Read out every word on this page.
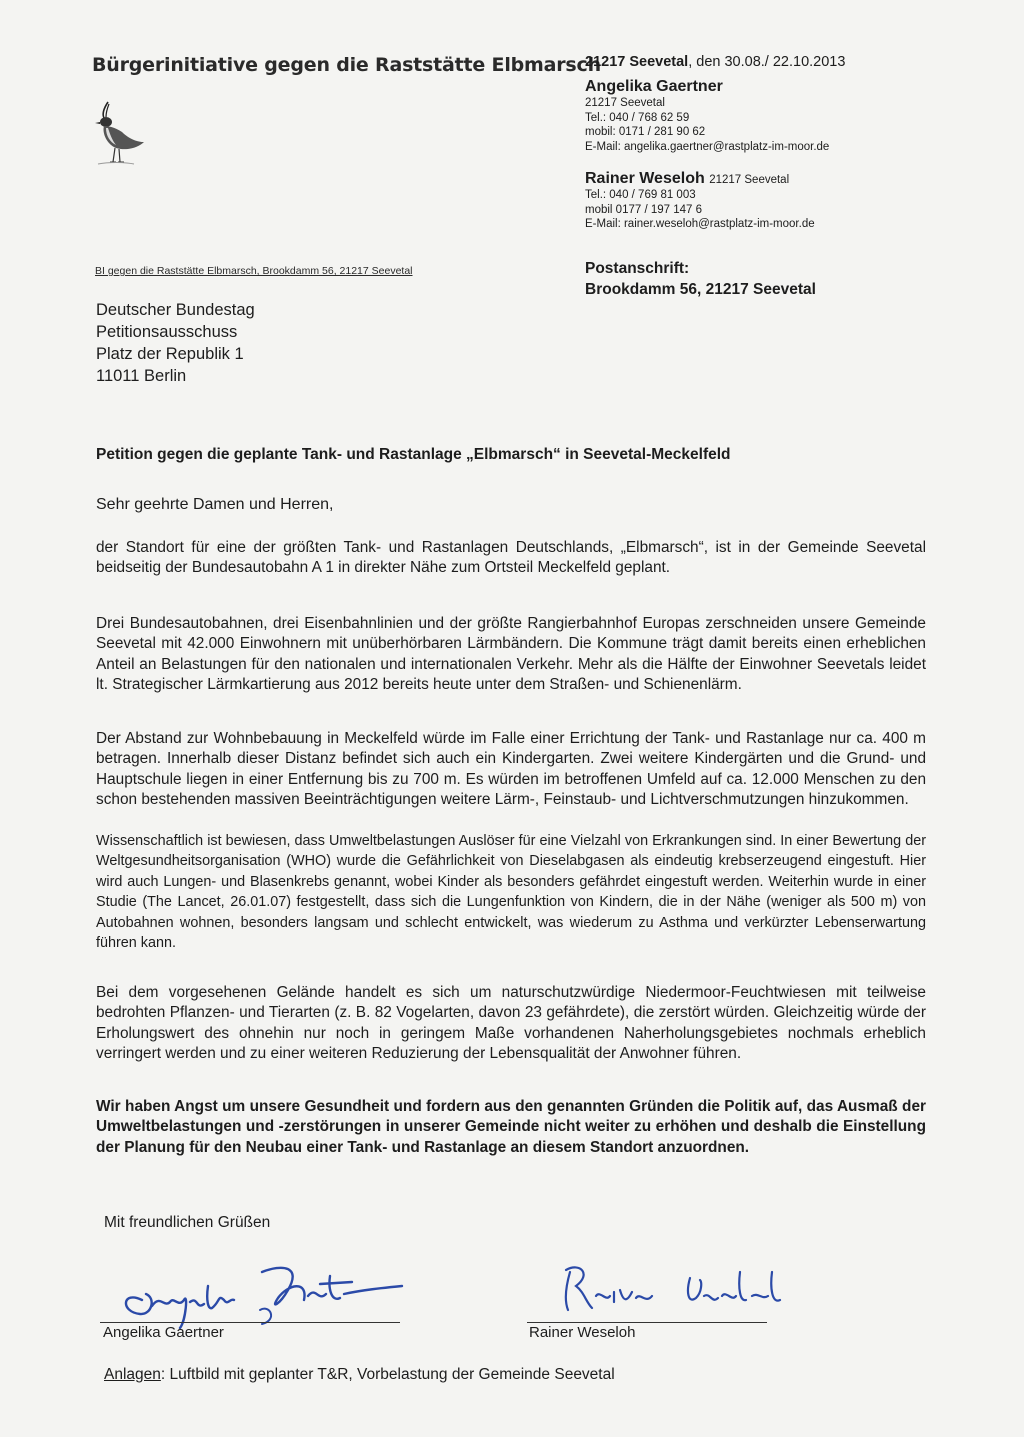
Bürgerinitiative gegen die Raststätte Elbmarsch
21217 Seevetal, den 30.08./ 22.10.2013
Angelika Gaertner
21217 Seevetal
Tel.: 040 / 768 62 59
mobil: 0171 / 281 90 62
E-Mail: angelika.gaertner@rastplatz-im-moor.de
Rainer Weseloh 21217 Seevetal
Tel.: 040 / 769 81 003
mobil 0177 / 197 147 6
E-Mail: rainer.weseloh@rastplatz-im-moor.de
BI gegen die Raststätte Elbmarsch, Brookdamm 56, 21217 Seevetal	Postanschrift:
Brookdamm 56, 21217 Seevetal
Deutscher Bundestag
Petitionsausschuss
Platz der Republik 1
11011 Berlin
Petition gegen die geplante Tank- und Rastanlage „Elbmarsch“ in Seevetal-Meckelfeld
Sehr geehrte Damen und Herren,
der Standort für eine der größten Tank- und Rastanlagen Deutschlands, „Elbmarsch“, ist in der Gemeinde Seevetal beidseitig der Bundesautobahn A 1 in direkter Nähe zum Ortsteil Meckelfeld geplant.
Drei Bundesautobahnen, drei Eisenbahnlinien und der größte Rangierbahnhof Europas zerschneiden unsere Gemeinde Seevetal mit 42.000 Einwohnern mit unüberhörbaren Lärmbändern. Die Kommune trägt damit bereits einen erheblichen Anteil an Belastungen für den nationalen und internationalen Verkehr. Mehr als die Hälfte der Einwohner Seevetals leidet lt. Strategischer Lärmkartierung aus 2012 bereits heute unter dem Straßen- und Schienenlärm.
Der Abstand zur Wohnbebauung in Meckelfeld würde im Falle einer Errichtung der Tank- und Rastanlage nur ca. 400 m betragen. Innerhalb dieser Distanz befindet sich auch ein Kindergarten. Zwei weitere Kindergärten und die Grund- und Hauptschule liegen in einer Entfernung bis zu 700 m. Es würden im betroffenen Umfeld auf ca. 12.000 Menschen zu den schon bestehenden massiven Beeinträchtigungen weitere Lärm-, Feinstaub- und Lichtverschmutzungen hinzukommen.
Wissenschaftlich ist bewiesen, dass Umweltbelastungen Auslöser für eine Vielzahl von Erkrankungen sind. In einer Bewertung der Weltgesundheitsorganisation (WHO) wurde die Gefährlichkeit von Dieselabgasen als eindeutig krebserzeugend eingestuft. Hier wird auch Lungen- und Blasenkrebs genannt, wobei Kinder als besonders gefährdet eingestuft werden. Weiterhin wurde in einer Studie (The Lancet, 26.01.07) festgestellt, dass sich die Lungenfunktion von Kindern, die in der Nähe (weniger als 500 m) von Autobahnen wohnen, besonders langsam und schlecht entwickelt, was wiederum zu Asthma und verkürzter Lebenserwartung führen kann.
Bei dem vorgesehenen Gelände handelt es sich um naturschutzwürdige Niedermoor-Feuchtwiesen mit teilweise bedrohten Pflanzen- und Tierarten (z. B. 82 Vogelarten, davon 23 gefährdete), die zerstört würden. Gleichzeitig würde der Erholungswert des ohnehin nur noch in geringem Maße vorhandenen Naherholungsgebietes nochmals erheblich verringert werden und zu einer weiteren Reduzierung der Lebensqualität der Anwohner führen.
Wir haben Angst um unsere Gesundheit und fordern aus den genannten Gründen die Politik auf, das Ausmaß der Umweltbelastungen und -zerstörungen in unserer Gemeinde nicht weiter zu erhöhen und deshalb die Einstellung der Planung für den Neubau einer Tank- und Rastanlage an diesem Standort anzuordnen.
Mit freundlichen Grüßen
Angelika Gaertner	Rainer Weseloh
Anlagen: Luftbild mit geplanter T&R, Vorbelastung der Gemeinde Seevetal
